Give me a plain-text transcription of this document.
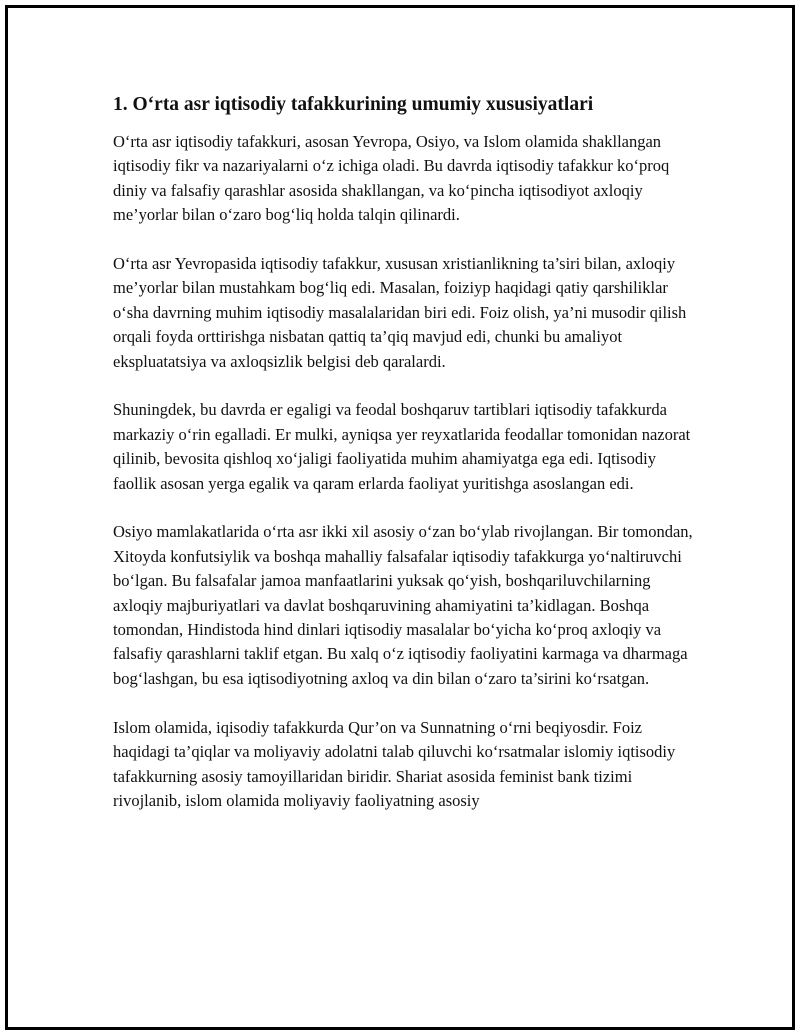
1. O‘rta asr iqtisodiy tafakkurining umumiy xususiyatlari

O‘rta asr iqtisodiy tafakkuri, asosan Yevropa, Osiyo, va Islom olamida shakllangan iqtisodiy fikr va nazariyalarni o‘z ichiga oladi. Bu davrda iqtisodiy tafakkur ko‘proq diniy va falsafiy qarashlar asosida shakllangan, va ko‘pincha iqtisodiyot axloqiy me’yorlar bilan o‘zaro bog‘liq holda talqin qilinardi.

O‘rta asr Yevropasida iqtisodiy tafakkur, xususan xristianlikning ta’siri bilan, axloqiy me’yorlar bilan mustahkam bog‘liq edi. Masalan, foiziyp haqidagi qatiy qarshiliklar o‘sha davrning muhim iqtisodiy masalalaridan biri edi. Foiz olish, ya’ni musodir qilish orqali foyda orttirishga nisbatan qattiq ta’qiq mavjud edi, chunki bu amaliyot ekspluatatsiya va axloqsizlik belgisi deb qaralardi.

Shuningdek, bu davrda er egaligi va feodal boshqaruv tartiblari iqtisodiy tafakkurda markaziy o‘rin egalladi. Er mulki, ayniqsa yer reyxatlarida feodallar tomonidan nazorat qilinib, bevosita qishloq xo‘jaligi faoliyatida muhim ahamiyatga ega edi. Iqtisodiy faollik asosan yerga egalik va qaram erlarda faoliyat yuritishga asoslangan edi.

Osiyo mamlakatlarida o‘rta asr ikki xil asosiy o‘zan bo‘ylab rivojlangan. Bir tomondan, Xitoyda konfutsiylik va boshqa mahalliy falsafalar iqtisodiy tafakkurga yo‘naltiruvchi bo‘lgan. Bu falsafalar jamoa manfaatlarini yuksak qo‘yish, boshqariluvchilarning axloqiy majburiyatlari va davlat boshqaruvining ahamiyatini ta’kidlagan. Boshqa tomondan, Hindistoda hind dinlari iqtisodiy masalalar bo‘yicha ko‘proq axloqiy va falsafiy qarashlarni taklif etgan. Bu xalq o‘z iqtisodiy faoliyatini karmaga va dharmaga bog‘lashgan, bu esa iqtisodiyotning axloq va din bilan o‘zaro ta’sirini ko‘rsatgan.

Islom olamida, iqisodiy tafakkurda Qur’on va Sunnatning o‘rni beqiyosdir. Foiz haqidagi ta’qiqlar va moliyaviy adolatni talab qiluvchi ko‘rsatmalar islomiy iqtisodiy tafakkurning asosiy tamoyillaridan biridir. Shariat asosida feminist bank tizimi rivojlanib, islom olamida moliyaviy faoliyatning asosiy
